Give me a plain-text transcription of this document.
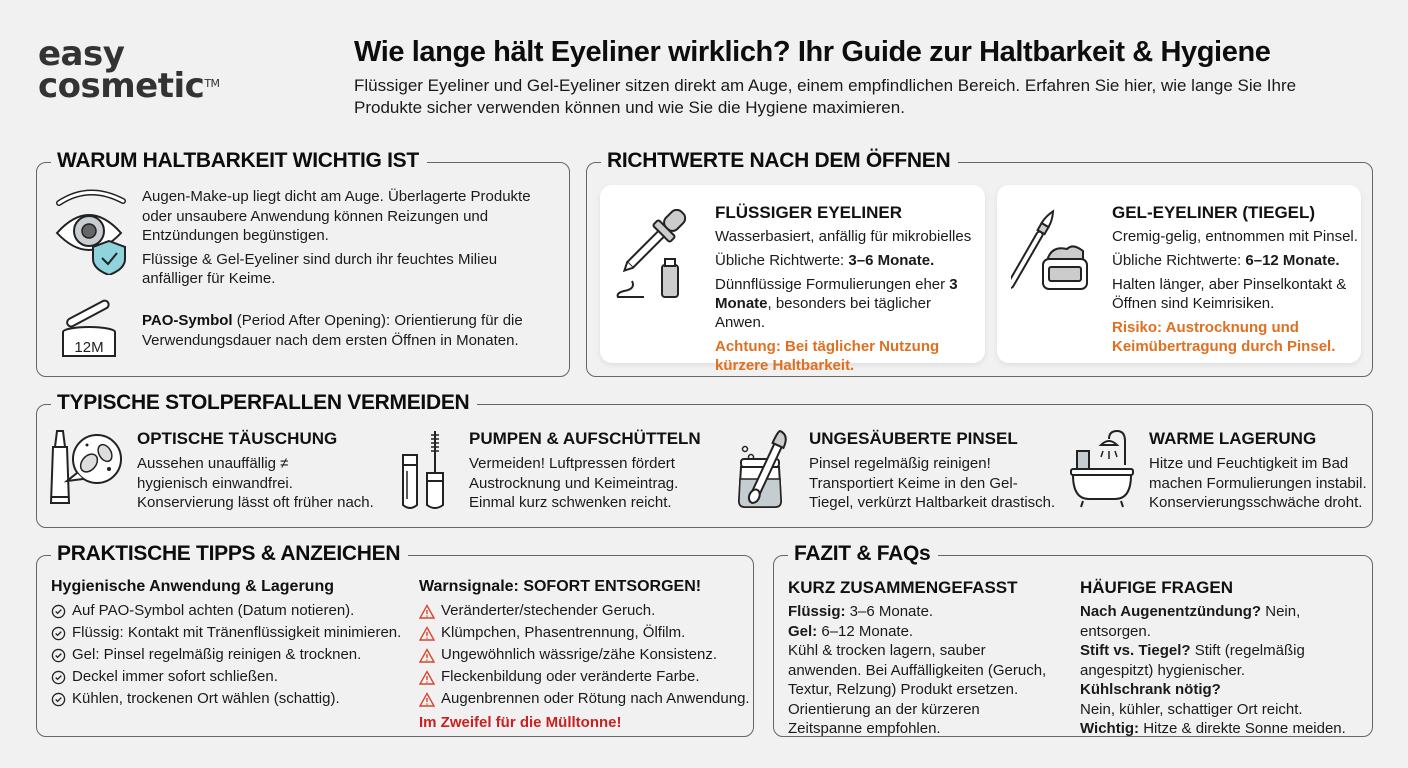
easy
cosmetic™
Wie lange hält Eyeliner wirklich? Ihr Guide zur Haltbarkeit & Hygiene
Flüssiger Eyeliner und Gel-Eyeliner sitzen direkt am Auge, einem empfindlichen Bereich. Erfahren Sie hier, wie lange Sie Ihre
Produkte sicher verwenden können und wie Sie die Hygiene maximieren.
WARUM HALTBARKEIT WICHTIG IST
Augen-Make-up liegt dicht am Auge. Überlagerte Produkte oder unsaubere Anwendung können Reizungen und Entzündungen begünstigen.
Flüssige & Gel-Eyeliner sind durch ihr feuchtes Milieu anfälliger für Keime.
12M
PAO-Symbol (Period After Opening): Orientierung für die Verwendungsdauer nach dem ersten Öffnen in Monaten.
RICHTWERTE NACH DEM ÖFFNEN
FLÜSSIGER EYELINER
Wasserbasiert, anfällig für mikrobielles
Übliche Richtwerte: 3–6 Monate.
Dünnflüssige Formulierungen eher 3 Monate, besonders bei täglicher Anwen.
Achtung: Bei täglicher Nutzung kürzere Haltbarkeit.
GEL-EYELINER (TIEGEL)
Cremig-gelig, entnommen mit Pinsel.
Übliche Richtwerte: 6–12 Monate.
Halten länger, aber Pinselkontakt & Öffnen sind Keimrisiken.
Risiko: Austrocknung und Keimübertragung durch Pinsel.
TYPISCHE STOLPERFALLEN VERMEIDEN
OPTISCHE TÄUSCHUNG
Aussehen unauffällig ≠
hygienisch einwandfrei.
Konservierung lässt oft früher nach.
PUMPEN & AUFSCHÜTTELN
Vermeiden! Luftpressen fördert
Austrocknung und Keimeintrag.
Einmal kurz schwenken reicht.
UNGESÄUBERTE PINSEL
Pinsel regelmäßig reinigen!
Transportiert Keime in den Gel-
Tiegel, verkürzt Haltbarkeit drastisch.
WARME LAGERUNG
Hitze und Feuchtigkeit im Bad
machen Formulierungen instabil.
Konservierungsschwäche droht.
PRAKTISCHE TIPPS & ANZEICHEN
Hygienische Anwendung & Lagerung
Auf PAO-Symbol achten (Datum notieren).
Flüssig: Kontakt mit Tränenflüssigkeit minimieren.
Gel: Pinsel regelmäßig reinigen & trocknen.
Deckel immer sofort schließen.
Kühlen, trockenen Ort wählen (schattig).
Warnsignale: SOFORT ENTSORGEN!
Veränderter/stechender Geruch.
Klümpchen, Phasentrennung, Ölfilm.
Ungewöhnlich wässrige/zähe Konsistenz.
Fleckenbildung oder veränderte Farbe.
Augenbrennen oder Rötung nach Anwendung.
Im Zweifel für die Mülltonne!
FAZIT & FAQs
KURZ ZUSAMMENGEFASST
Flüssig: 3–6 Monate.
Gel: 6–12 Monate.
Kühl & trocken lagern, sauber anwenden. Bei Auffälligkeiten (Geruch, Textur, Relzung) Produkt ersetzen. Orientierung an der kürzeren Zeitspanne empfohlen.
HÄUFIGE FRAGEN
Nach Augenentzündung? Nein, entsorgen.
Stift vs. Tiegel? Stift (regelmäßig angespitzt) hygienischer.
Kühlschrank nötig?
Nein, kühler, schattiger Ort reicht.
Wichtig: Hitze & direkte Sonne meiden.
